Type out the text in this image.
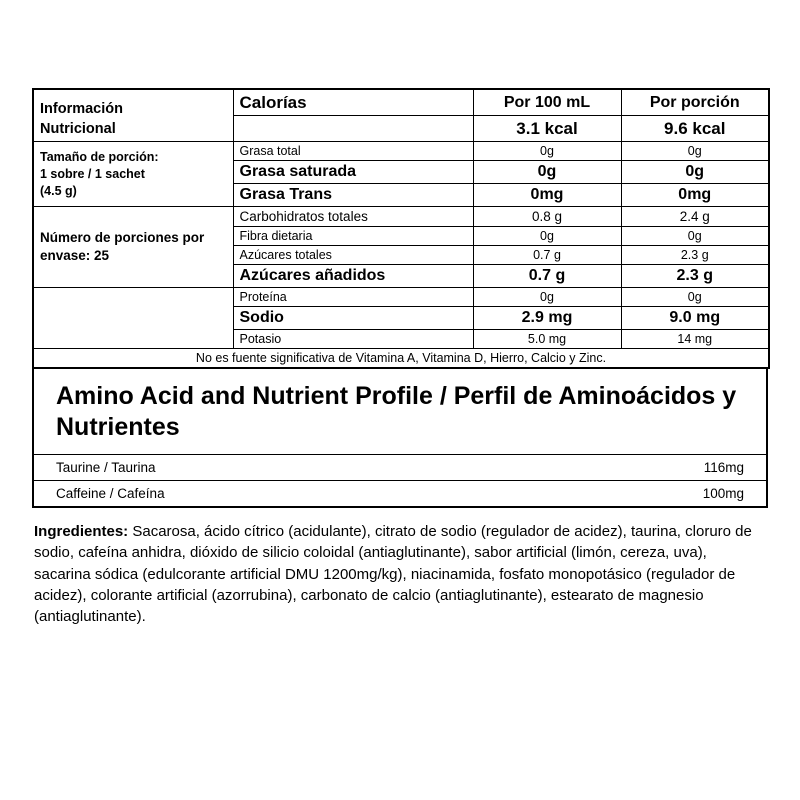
Información
Nutricional	Calorías	Por 100 mL	Por porción
		3.1 kcal	9.6 kcal

Tamaño de porción:
1 sobre / 1 sachet
(4.5 g)	Grasa total	0g	0g
	Grasa saturada	0g	0g
	Grasa Trans	0mg	0mg

Número de porciones por
envase: 25	Carbohidratos totales	0.8 g	2.4 g
	Fibra dietaria	0g	0g
	Azúcares totales	0.7 g	2.3 g
	Azúcares añadidos	0.7 g	2.3 g
	Proteína	0g	0g
	Sodio	2.9 mg	9.0 mg
	Potasio	5.0 mg	14 mg
No es fuente significativa de Vitamina A, Vitamina D, Hierro, Calcio y Zinc.			
Amino Acid and Nutrient Profile / Perfil de Aminoácidos y Nutrientes
Taurine / Taurina	116mg
Caffeine / Cafeína	100mg
Ingredientes: Sacarosa, ácido cítrico (acidulante), citrato de sodio (regulador de acidez), taurina, cloruro de sodio, cafeína anhidra, dióxido de silicio coloidal (antiaglutinante), sabor artificial (limón, cereza, uva), sacarina sódica (edulcorante artificial DMU 1200mg/kg), niacinamida, fosfato monopotásico (regulador de acidez), colorante artificial (azorrubina), carbonato de calcio (antiaglutinante), estearato de magnesio (antiaglutinante).
